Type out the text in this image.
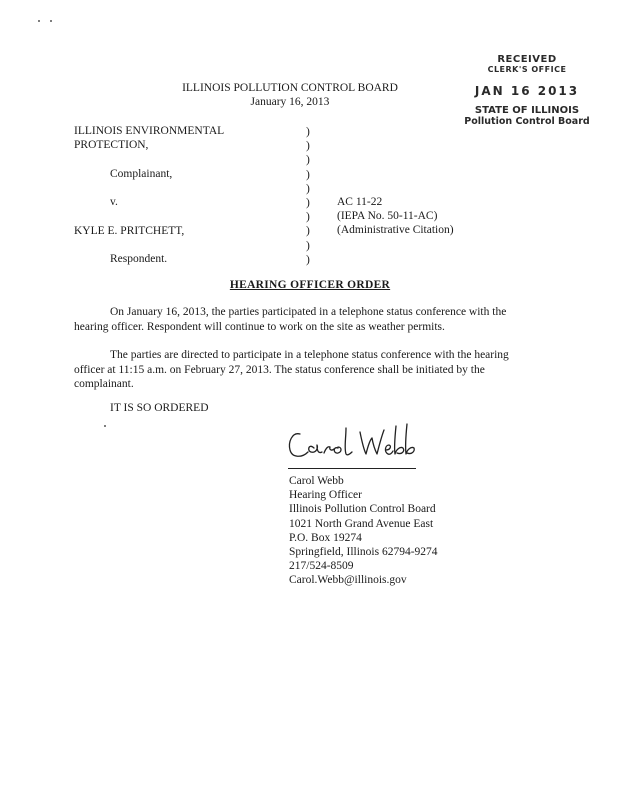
RECEIVED
CLERK'S OFFICE
JAN 16 2013
STATE OF ILLINOIS
Pollution Control Board
ILLINOIS POLLUTION CONTROL BOARD
January 16, 2013
ILLINOIS ENVIRONMENTAL
PROTECTION,
Complainant,
v.
KYLE E. PRITCHETT,
Respondent.
)
)
)
)
)
)
)
)
)
)
AC 11-22
(IEPA No. 50-11-AC)
(Administrative Citation)
HEARING OFFICER ORDER
On January 16, 2013, the parties participated in a telephone status conference with the hearing officer. Respondent will continue to work on the site as weather permits.
The parties are directed to participate in a telephone status conference with the hearing officer at 11:15 a.m. on February 27, 2013. The status conference shall be initiated by the complainant.
IT IS SO ORDERED
Carol Webb
Hearing Officer
Illinois Pollution Control Board
1021 North Grand Avenue East
P.O. Box 19274
Springfield, Illinois 62794-9274
217/524-8509
Carol.Webb@illinois.gov
